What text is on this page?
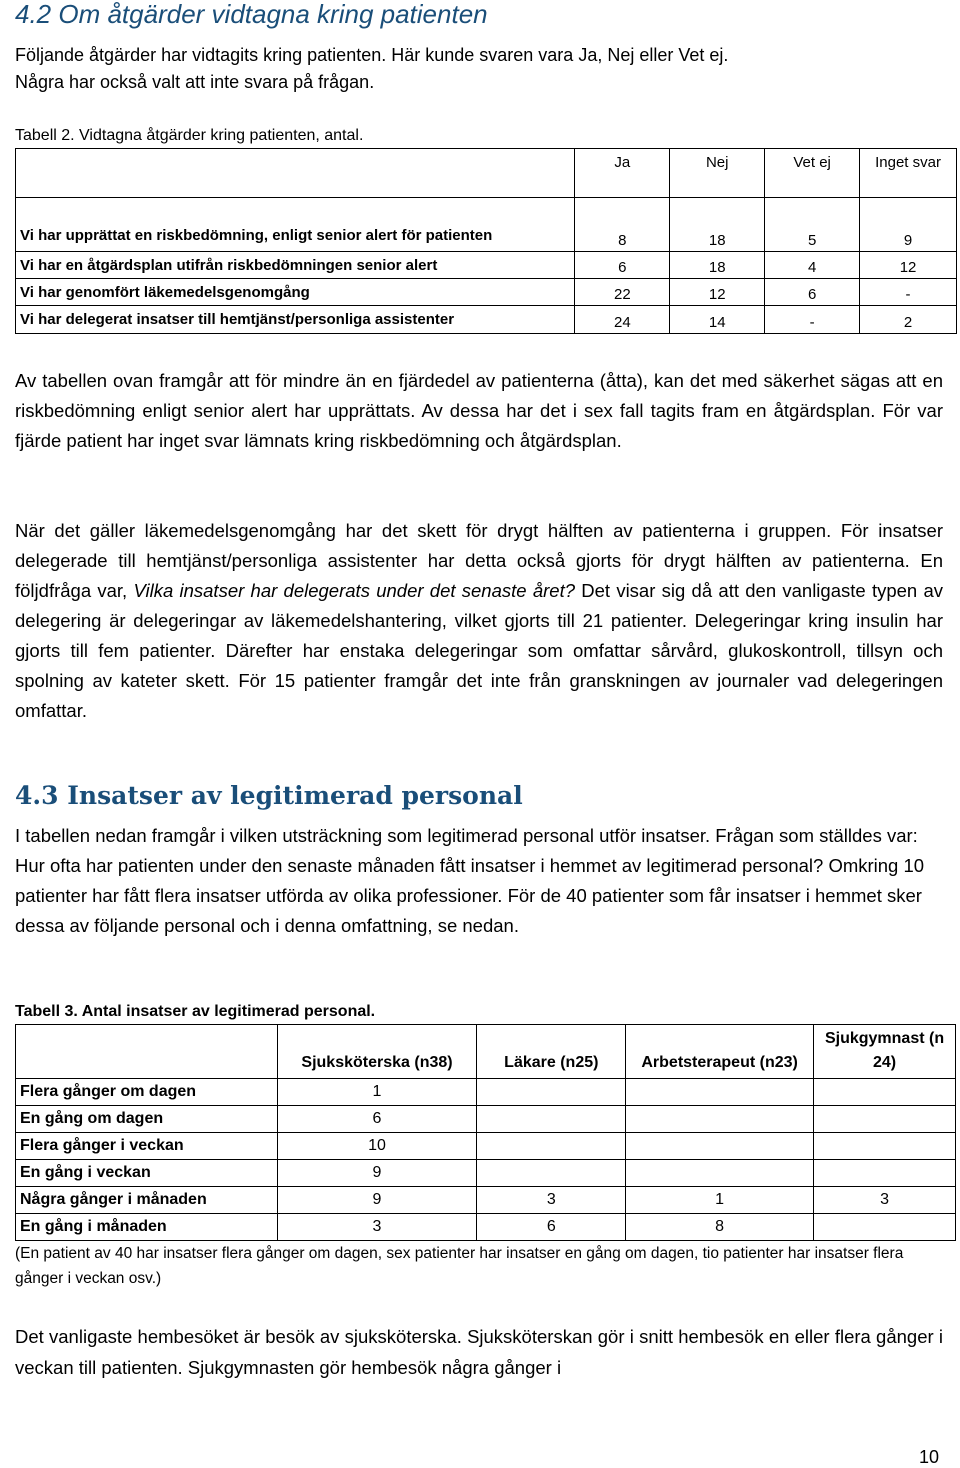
4.2 Om åtgärder vidtagna kring patienten

Följande åtgärder har vidtagits kring patienten. Här kunde svaren vara Ja, Nej eller Vet ej.
Några har också valt att inte svara på frågan.

Tabell 2. Vidtagna åtgärder kring patienten, antal.

	Ja	Nej	Vet ej	Inget svar
Vi har upprättat en riskbedömning, enligt senior alert för patienten	8	18	5	9
Vi har en åtgärdsplan utifrån riskbedömningen senior alert	6	18	4	12
Vi har genomfört läkemedelsgenomgång	22	12	6	-
Vi har delegerat insatser till hemtjänst/personliga assistenter	24	14	-	2

Av tabellen ovan framgår att för mindre än en fjärdedel av patienterna (åtta), kan det med säkerhet sägas att en riskbedömning enligt senior alert har upprättats. Av dessa har det i sex fall tagits fram en åtgärdsplan. För var fjärde patient har inget svar lämnats kring riskbedömning och åtgärdsplan.

När det gäller läkemedelsgenomgång har det skett för drygt hälften av patienterna i gruppen. För insatser delegerade till hemtjänst/personliga assistenter har detta också gjorts för drygt hälften av patienterna. En följdfråga var, Vilka insatser har delegerats under det senaste året? Det visar sig då att den vanligaste typen av delegering är delegeringar av läkemedelshantering, vilket gjorts till 21 patienter. Delegeringar kring insulin har gjorts till fem patienter. Därefter har enstaka delegeringar som omfattar sårvård, glukoskontroll, tillsyn och spolning av kateter skett. För 15 patienter framgår det inte från granskningen av journaler vad delegeringen omfattar.

4.3 Insatser av legitimerad personal

I tabellen nedan framgår i vilken utsträckning som legitimerad personal utför insatser. Frågan som ställdes var: Hur ofta har patienten under den senaste månaden fått insatser i hemmet av legitimerad personal? Omkring 10 patienter har fått flera insatser utförda av olika professioner. För de 40 patienter som får insatser i hemmet sker dessa av följande personal och i denna omfattning, se nedan.

Tabell 3. Antal insatser av legitimerad personal.

	Sjuksköterska (n38)	Läkare (n25)	Arbetsterapeut (n23)	Sjukgymnast (n 24)
Flera gånger om dagen	1			
En gång om dagen	6			
Flera gånger i veckan	10			
En gång i veckan	9			
Några gånger i månaden	9	3	1	3
En gång i månaden	3	6	8	

(En patient av 40 har insatser flera gånger om dagen, sex patienter har insatser en gång om dagen, tio patienter har insatser flera gånger i veckan osv.)

Det vanligaste hembesöket är besök av sjuksköterska. Sjuksköterskan gör i snitt hembesök en eller flera gånger i veckan till patienten. Sjukgymnasten gör hembesök några gånger i

10
